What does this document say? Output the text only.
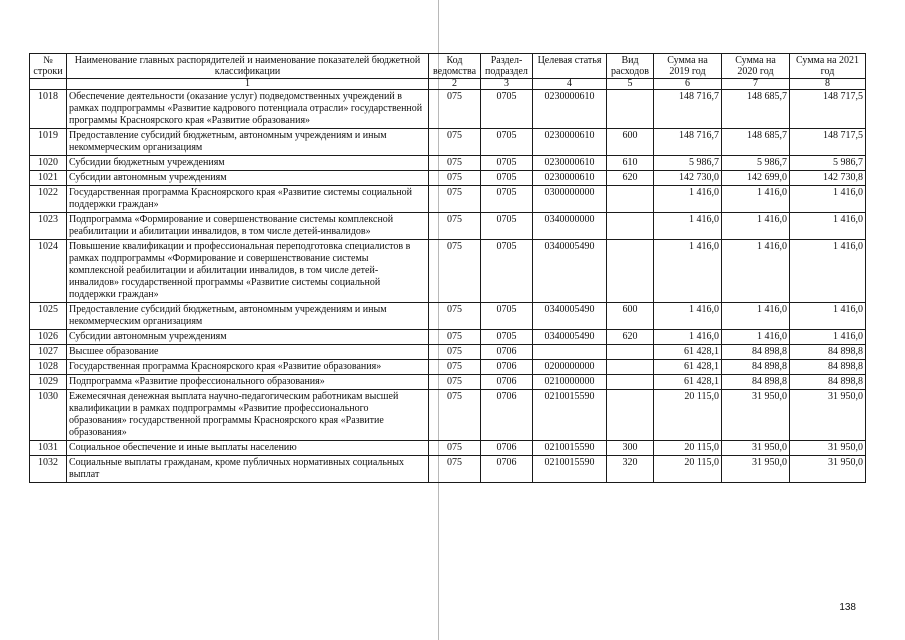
№ строки	Наименование главных распорядителей и наименование показателей бюджетной классификации	Код ведомства	Раздел-подраздел	Целевая статья	Вид расходов	Сумма на 2019 год	Сумма на 2020 год	Сумма на 2021 год
	1	2	3	4	5	6	7	8
1018	Обеспечение деятельности (оказание услуг) подведомственных учреждений в рамках подпрограммы «Развитие кадрового потенциала отрасли» государственной программы Красноярского края «Развитие образования»	075	0705	0230000610		148 716,7	148 685,7	148 717,5
1019	Предоставление субсидий бюджетным, автономным учреждениям и иным некоммерческим организациям	075	0705	0230000610	600	148 716,7	148 685,7	148 717,5
1020	Субсидии бюджетным учреждениям	075	0705	0230000610	610	5 986,7	5 986,7	5 986,7
1021	Субсидии автономным учреждениям	075	0705	0230000610	620	142 730,0	142 699,0	142 730,8
1022	Государственная программа Красноярского края «Развитие системы социальной поддержки граждан»	075	0705	0300000000		1 416,0	1 416,0	1 416,0
1023	Подпрограмма «Формирование и совершенствование системы комплексной реабилитации и абилитации инвалидов, в том числе детей-инвалидов»	075	0705	0340000000		1 416,0	1 416,0	1 416,0
1024	Повышение квалификации и профессиональная переподготовка специалистов в рамках подпрограммы «Формирование и совершенствование системы комплексной реабилитации и абилитации инвалидов, в том числе детей-инвалидов» государственной программы «Развитие системы социальной поддержки граждан»	075	0705	0340005490		1 416,0	1 416,0	1 416,0
1025	Предоставление субсидий бюджетным, автономным учреждениям и иным некоммерческим организациям	075	0705	0340005490	600	1 416,0	1 416,0	1 416,0
1026	Субсидии автономным учреждениям	075	0705	0340005490	620	1 416,0	1 416,0	1 416,0
1027	Высшее образование	075	0706			61 428,1	84 898,8	84 898,8
1028	Государственная программа Красноярского края «Развитие образования»	075	0706	0200000000		61 428,1	84 898,8	84 898,8
1029	Подпрограмма «Развитие профессионального образования»	075	0706	0210000000		61 428,1	84 898,8	84 898,8
1030	Ежемесячная денежная выплата научно-педагогическим работникам высшей квалификации в рамках подпрограммы «Развитие профессионального образования» государственной программы Красноярского края «Развитие образования»	075	0706	0210015590		20 115,0	31 950,0	31 950,0
1031	Социальное обеспечение и иные выплаты населению	075	0706	0210015590	300	20 115,0	31 950,0	31 950,0
1032	Социальные выплаты гражданам, кроме публичных нормативных социальных выплат	075	0706	0210015590	320	20 115,0	31 950,0	31 950,0
138
